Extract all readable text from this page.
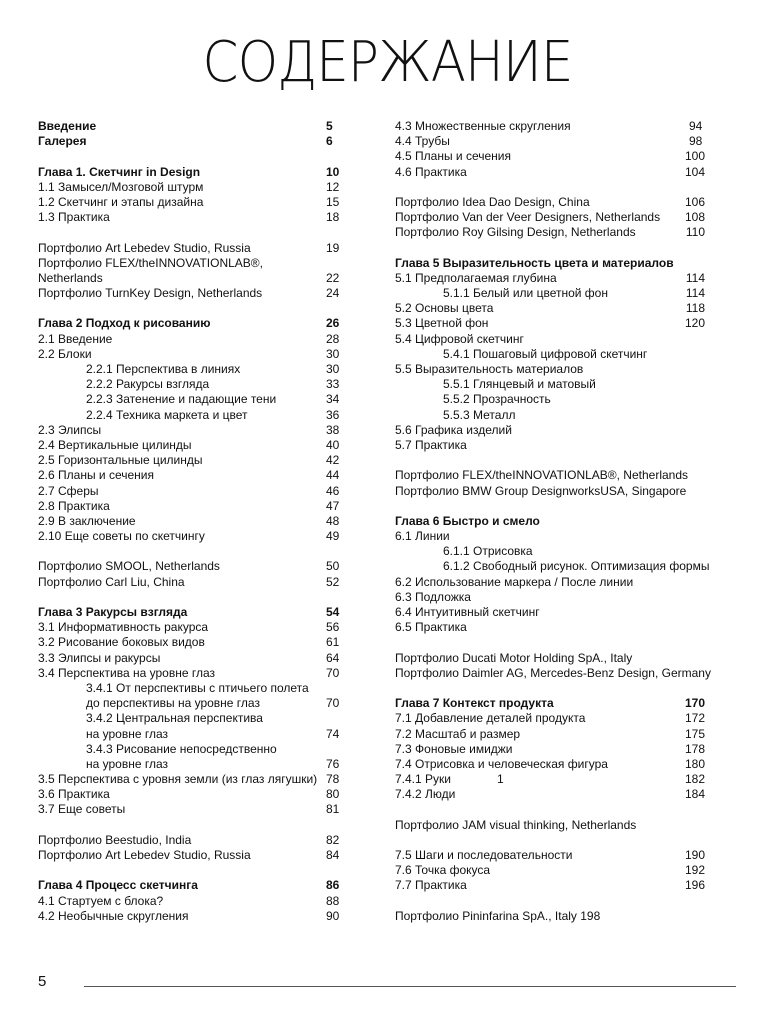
СОДЕРЖАНИЕ
Введение	5
Галерея	6
Глава 1. Скетчинг in Design	10
1.1 Замысел/Мозговой штурм	12
1.2 Скетчинг и этапы дизайна	15
1.3 Практика	18
Портфолио Art Lebedev Studio, Russia	19
Портфолио FLEX/theINNOVATIONLAB®,
Netherlands	22
Портфолио TurnKey Design, Netherlands	24
Глава 2 Подход к рисованию	26
2.1 Введение	28
2.2 Блоки	30
2.2.1 Перспектива в линиях	30
2.2.2 Ракурсы взгляда	33
2.2.3 Затенение и падающие тени	34
2.2.4 Техника маркета и цвет	36
2.3 Элипсы	38
2.4 Вертикальные цилинды	40
2.5 Горизонтальные цилинды	42
2.6 Планы и сечения	44
2.7 Сферы	46
2.8 Практика	47
2.9 В заключение	48
2.10 Еще советы по скетчингу	49
Портфолио SMOOL, Netherlands	50
Портфолио Carl Liu, China	52
Глава 3 Ракурсы взгляда	54
3.1 Информативность ракурса	56
3.2 Рисование боковых видов	61
3.3 Элипсы и ракурсы	64
3.4 Перспектива на уровне глаз	70
3.4.1 От перспективы с птичьего полета
до перспективы на уровне глаз	70
3.4.2 Центральная перспектива
на уровне глаз	74
3.4.3 Рисование непосредственно
на уровне глаз	76
3.5 Перспектива с уровня земли (из глаз лягушки) 78
3.6 Практика	80
3.7 Еще советы	81
Портфолио Beestudio, India	82
Портфолио Art Lebedev Studio, Russia	84
Глава 4 Процесс скетчинга	86
4.1 Стартуем с блока?	88
4.2 Необычные скругления	90
4.3 Множественные скругления	94
4.4 Трубы	98
4.5 Планы и сечения	100
4.6 Практика	104
Портфолио Idea Dao Design, China	106
Портфолио Van der Veer Designers, Netherlands 108
Портфолио Roy Gilsing Design, Netherlands	110
Глава 5 Выразительность цвета и материалов
5.1 Предполагаемая глубина	114
5.1.1 Белый или цветной фон	114
5.2 Основы цвета	118
5.3 Цветной фон	120
5.4 Цифровой скетчинг
5.4.1 Пошаговый цифровой скетчинг
5.5 Выразительность материалов
5.5.1 Глянцевый и матовый
5.5.2 Прозрачность
5.5.3 Металл
5.6 Графика изделий
5.7 Практика
Портфолио FLEX/theINNOVATIONLAB®, Netherlands
Портфолио BMW Group DesignworksUSA, Singapore
Глава 6 Быстро и смело
6.1 Линии
6.1.1 Отрисовка
6.1.2 Свободный рисунок. Оптимизация формы
6.2 Использование маркера / После линии
6.3 Подложка
6.4 Интуитивный скетчинг
6.5 Практика
Портфолио Ducati Motor Holding SpA., Italy
Портфолио Daimler AG, Mercedes-Benz Design, Germany
Глава 7 Контекст продукта	170
7.1 Добавление деталей продукта	172
7.2 Масштаб и размер	175
7.3 Фоновые имиджи	178
7.4 Отрисовка и человеческая фигура	180
7.4.1 Руки	1	182
7.4.2 Люди	184
Портфолио JAM visual thinking, Netherlands
7.5 Шаги и последовательности	190
7.6 Точка фокуса	192
7.7 Практика	196
Портфолио Pininfarina SpA., Italy 198
5
